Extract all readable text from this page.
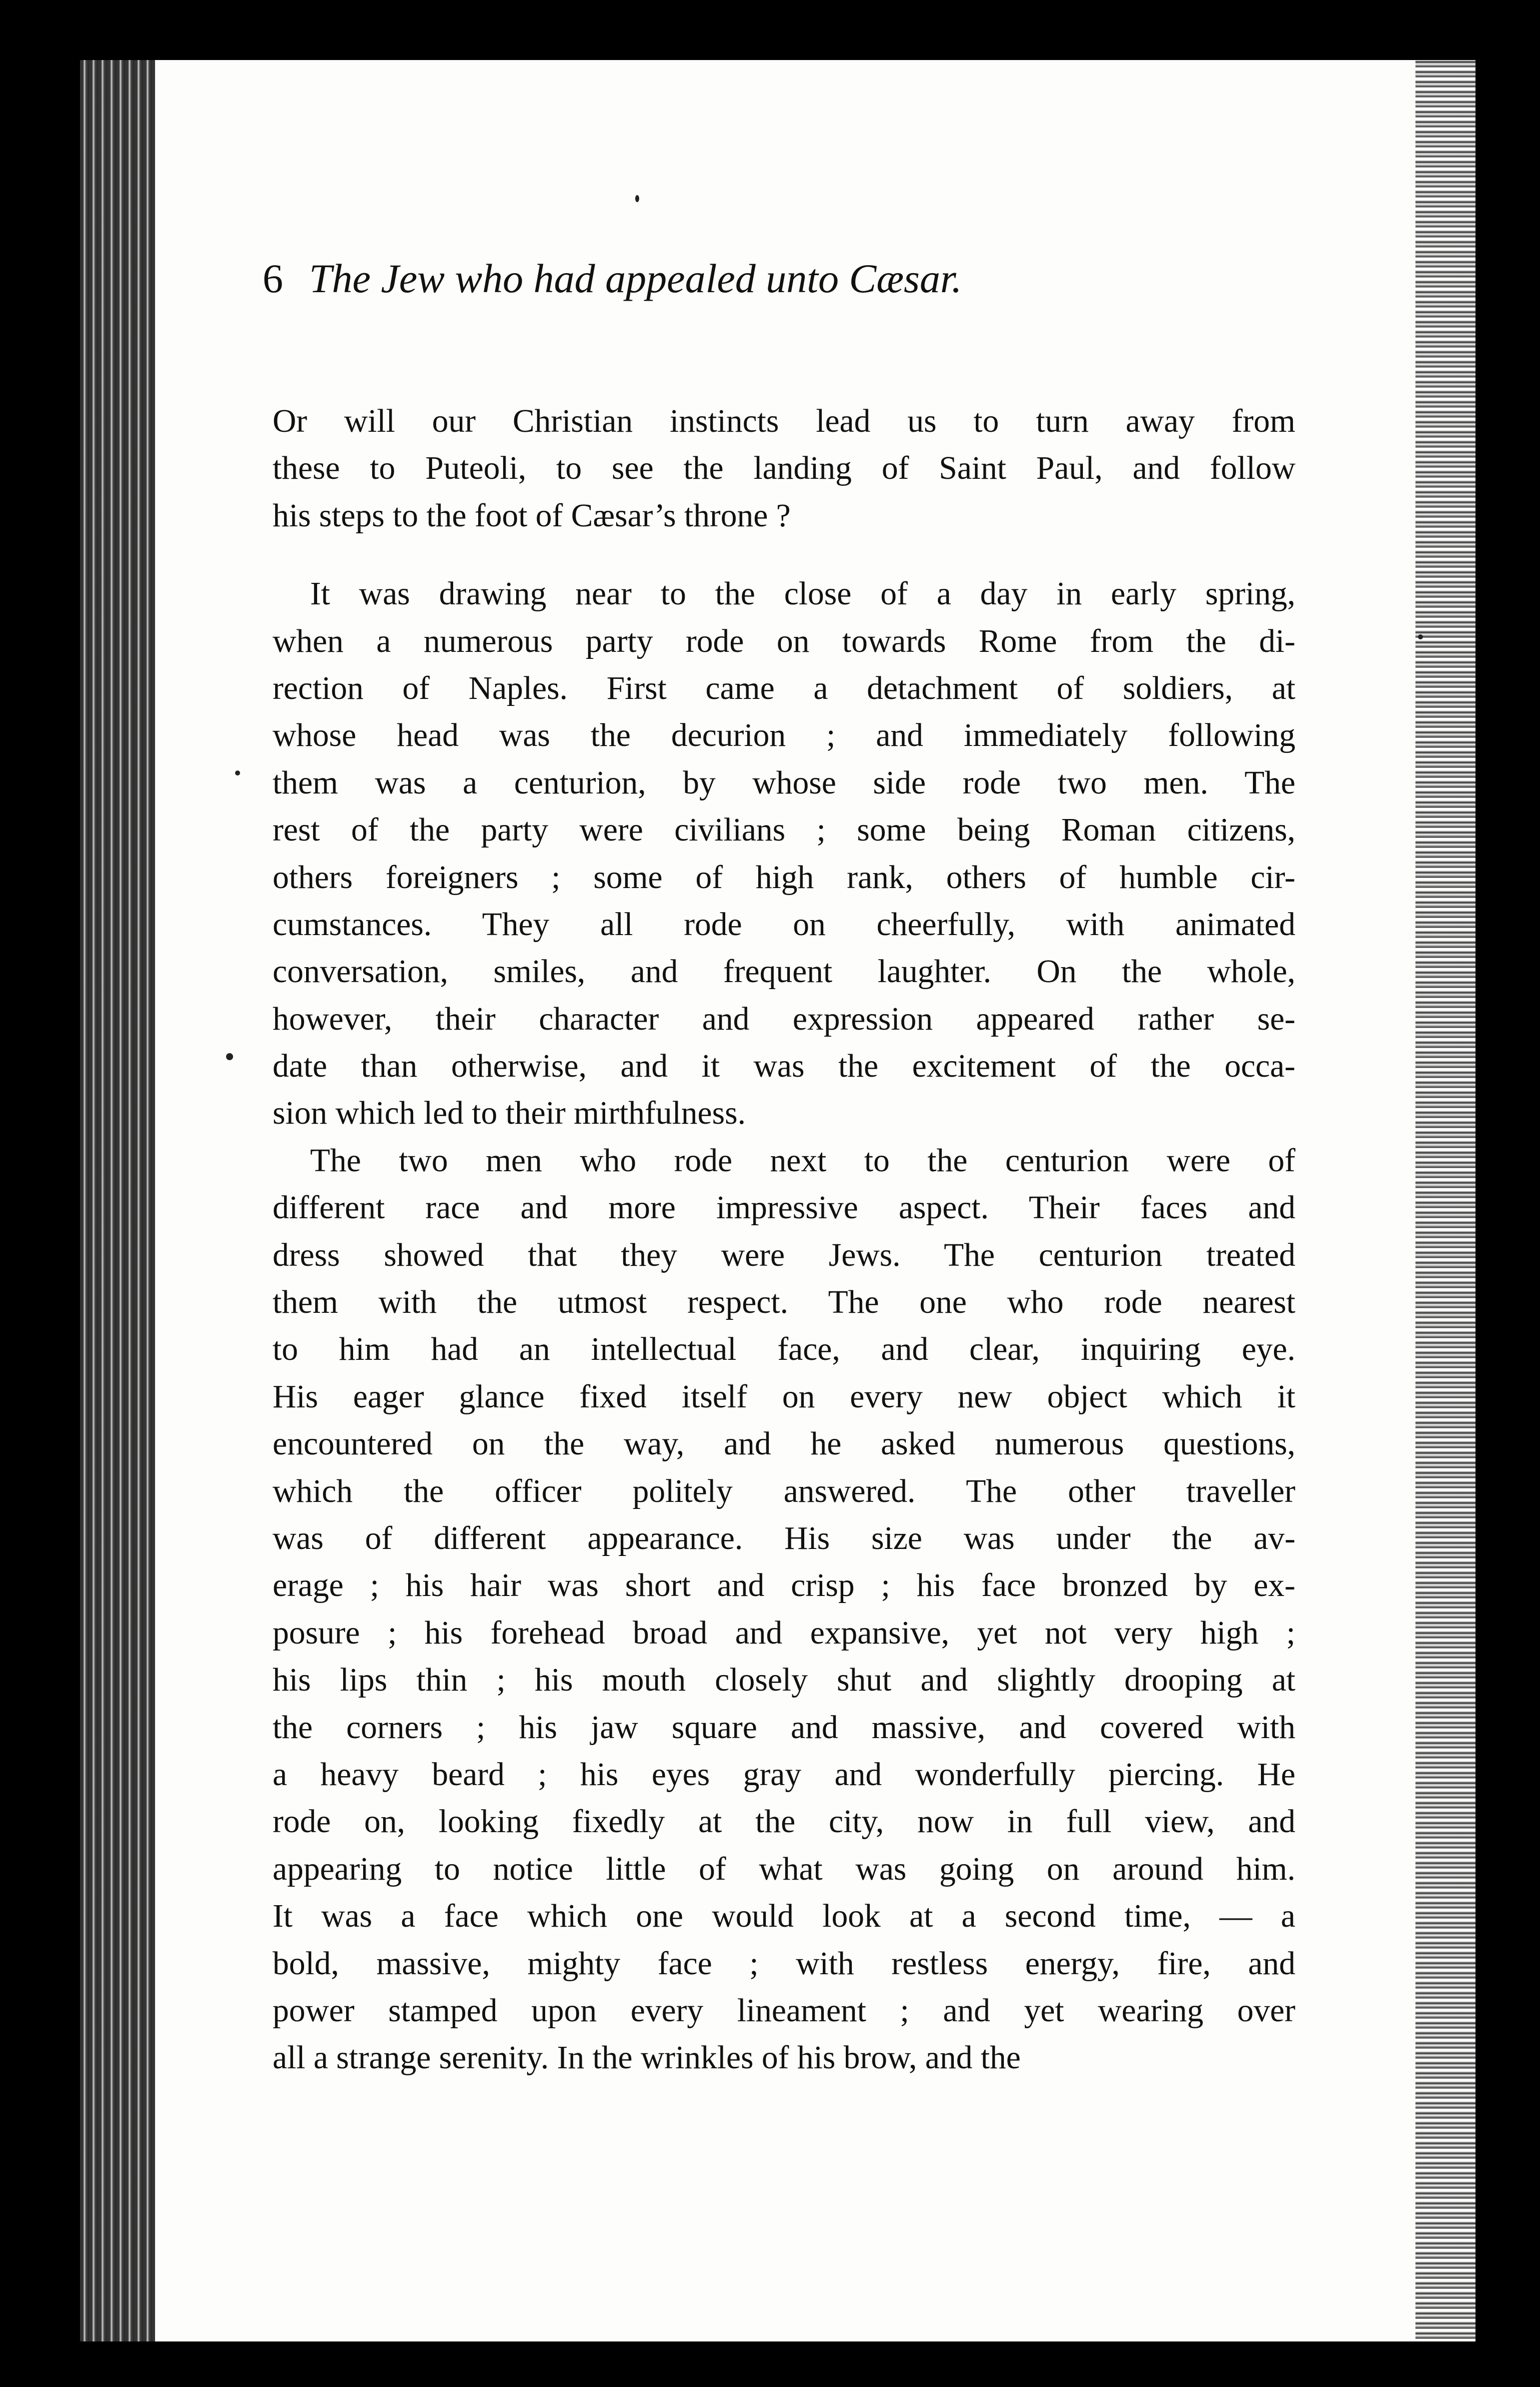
6 The Jew who had appealed unto Cæsar.
Or will our Christian instincts lead us to turn away from
these to Puteoli, to see the landing of Saint Paul, and follow
his steps to the foot of Cæsar’s throne ?
It was drawing near to the close of a day in early spring,
when a numerous party rode on towards Rome from the di-
rection of Naples. First came a detachment of soldiers, at
whose head was the decurion ; and immediately following
them was a centurion, by whose side rode two men. The
rest of the party were civilians ; some being Roman citizens,
others foreigners ; some of high rank, others of humble cir-
cumstances. They all rode on cheerfully, with animated
conversation, smiles, and frequent laughter. On the whole,
however, their character and expression appeared rather se-
date than otherwise, and it was the excitement of the occa-
sion which led to their mirthfulness.
The two men who rode next to the centurion were of
different race and more impressive aspect. Their faces and
dress showed that they were Jews. The centurion treated
them with the utmost respect. The one who rode nearest
to him had an intellectual face, and clear, inquiring eye.
His eager glance fixed itself on every new object which it
encountered on the way, and he asked numerous questions,
which the officer politely answered. The other traveller
was of different appearance. His size was under the av-
erage ; his hair was short and crisp ; his face bronzed by ex-
posure ; his forehead broad and expansive, yet not very high ;
his lips thin ; his mouth closely shut and slightly drooping at
the corners ; his jaw square and massive, and covered with
a heavy beard ; his eyes gray and wonderfully piercing. He
rode on, looking fixedly at the city, now in full view, and
appearing to notice little of what was going on around him.
It was a face which one would look at a second time, — a
bold, massive, mighty face ; with restless energy, fire, and
power stamped upon every lineament ; and yet wearing over
all a strange serenity. In the wrinkles of his brow, and the
